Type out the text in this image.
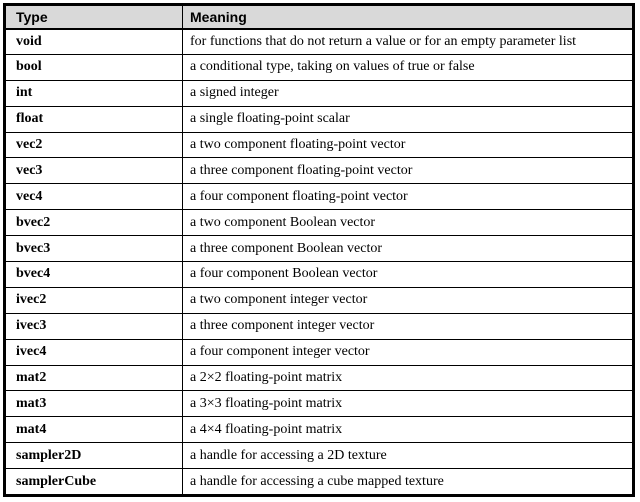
Type	Meaning
void	for functions that do not return a value or for an empty parameter list
bool	a conditional type, taking on values of true or false
int	a signed integer
float	a single floating-point scalar
vec2	a two component floating-point vector
vec3	a three component floating-point vector
vec4	a four component floating-point vector
bvec2	a two component Boolean vector
bvec3	a three component Boolean vector
bvec4	a four component Boolean vector
ivec2	a two component integer vector
ivec3	a three component integer vector
ivec4	a four component integer vector
mat2	a 2×2 floating-point matrix
mat3	a 3×3 floating-point matrix
mat4	a 4×4 floating-point matrix
sampler2D	a handle for accessing a 2D texture
samplerCube	a handle for accessing a cube mapped texture
